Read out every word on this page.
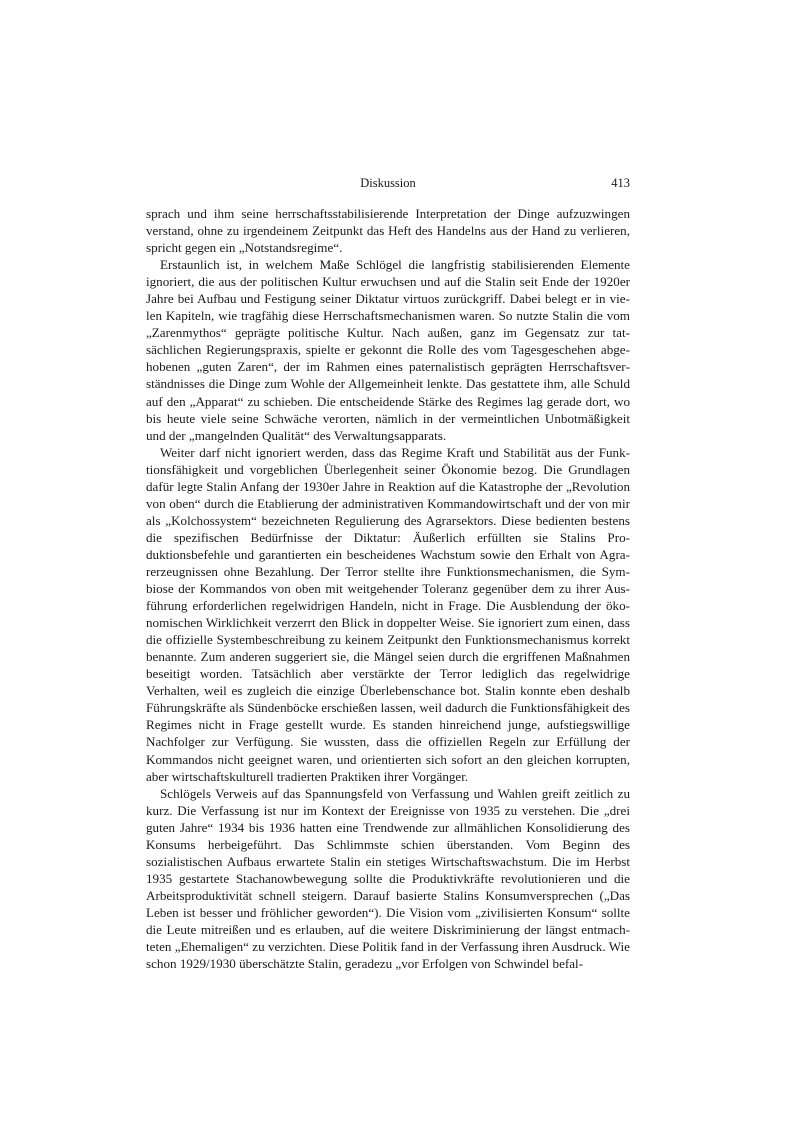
Diskussion	413

sprach und ihm seine herrschaftsstabilisierende Interpretation der Dinge aufzuzwingen verstand, ohne zu irgendeinem Zeitpunkt das Heft des Handelns aus der Hand zu verlieren, spricht gegen ein „Notstandsregime“.

Erstaunlich ist, in welchem Maße Schlögel die langfristig stabilisierenden Elemente ignoriert, die aus der politischen Kultur erwuchsen und auf die Stalin seit Ende der 1920er Jahre bei Aufbau und Festigung seiner Diktatur virtuos zurückgriff. Dabei belegt er in vielen Kapiteln, wie tragfähig diese Herrschaftsmechanismen waren. So nutzte Stalin die vom „Zarenmythos“ geprägte politische Kultur. Nach außen, ganz im Gegensatz zur tatsächlichen Regierungspraxis, spielte er gekonnt die Rolle des vom Tagesgeschehen abgehobenen „guten Zaren“, der im Rahmen eines paternalistisch geprägten Herrschaftsverständnisses die Dinge zum Wohle der Allgemeinheit lenkte. Das gestattete ihm, alle Schuld auf den „Apparat“ zu schieben. Die entscheidende Stärke des Regimes lag gerade dort, wo bis heute viele seine Schwäche verorten, nämlich in der vermeintlichen Unbotmäßigkeit und der „mangelnden Qualität“ des Verwaltungsapparats.

Weiter darf nicht ignoriert werden, dass das Regime Kraft und Stabilität aus der Funktionsfähigkeit und vorgeblichen Überlegenheit seiner Ökonomie bezog. Die Grundlagen dafür legte Stalin Anfang der 1930er Jahre in Reaktion auf die Katastrophe der „Revolution von oben“ durch die Etablierung der administrativen Kommandowirtschaft und der von mir als „Kolchossystem“ bezeichneten Regulierung des Agrarsektors. Diese bedienten bestens die spezifischen Bedürfnisse der Diktatur: Äußerlich erfüllten sie Stalins Produktionsbefehle und garantierten ein bescheidenes Wachstum sowie den Erhalt von Agrarerzeugnissen ohne Bezahlung. Der Terror stellte ihre Funktionsmechanismen, die Symbiose der Kommandos von oben mit weitgehender Toleranz gegenüber dem zu ihrer Ausführung erforderlichen regelwidrigen Handeln, nicht in Frage. Die Ausblendung der ökonomischen Wirklichkeit verzerrt den Blick in doppelter Weise. Sie ignoriert zum einen, dass die offizielle Systembeschreibung zu keinem Zeitpunkt den Funktionsmechanismus korrekt benannte. Zum anderen suggeriert sie, die Mängel seien durch die ergriffenen Maßnahmen beseitigt worden. Tatsächlich aber verstärkte der Terror lediglich das regelwidrige Verhalten, weil es zugleich die einzige Überlebenschance bot. Stalin konnte eben deshalb Führungskräfte als Sündenböcke erschießen lassen, weil dadurch die Funktionsfähigkeit des Regimes nicht in Frage gestellt wurde. Es standen hinreichend junge, aufstiegswillige Nachfolger zur Verfügung. Sie wussten, dass die offiziellen Regeln zur Erfüllung der Kommandos nicht geeignet waren, und orientierten sich sofort an den gleichen korrupten, aber wirtschaftskulturell tradierten Praktiken ihrer Vorgänger.

Schlögels Verweis auf das Spannungsfeld von Verfassung und Wahlen greift zeitlich zu kurz. Die Verfassung ist nur im Kontext der Ereignisse von 1935 zu verstehen. Die „drei guten Jahre“ 1934 bis 1936 hatten eine Trendwende zur allmählichen Konsolidierung des Konsums herbeigeführt. Das Schlimmste schien überstanden. Vom Beginn des sozialistischen Aufbaus erwartete Stalin ein stetiges Wirtschaftswachstum. Die im Herbst 1935 gestartete Stachanowbewegung sollte die Produktivkräfte revolutionieren und die Arbeitsproduktivität schnell steigern. Darauf basierte Stalins Konsumversprechen („Das Leben ist besser und fröhlicher geworden“). Die Vision vom „zivilisierten Konsum“ sollte die Leute mitreißen und es erlauben, auf die weitere Diskriminierung der längst entmachteten „Ehemaligen“ zu verzichten. Diese Politik fand in der Verfassung ihren Ausdruck. Wie schon 1929/1930 überschätzte Stalin, geradezu „vor Erfolgen von Schwindel befal-
